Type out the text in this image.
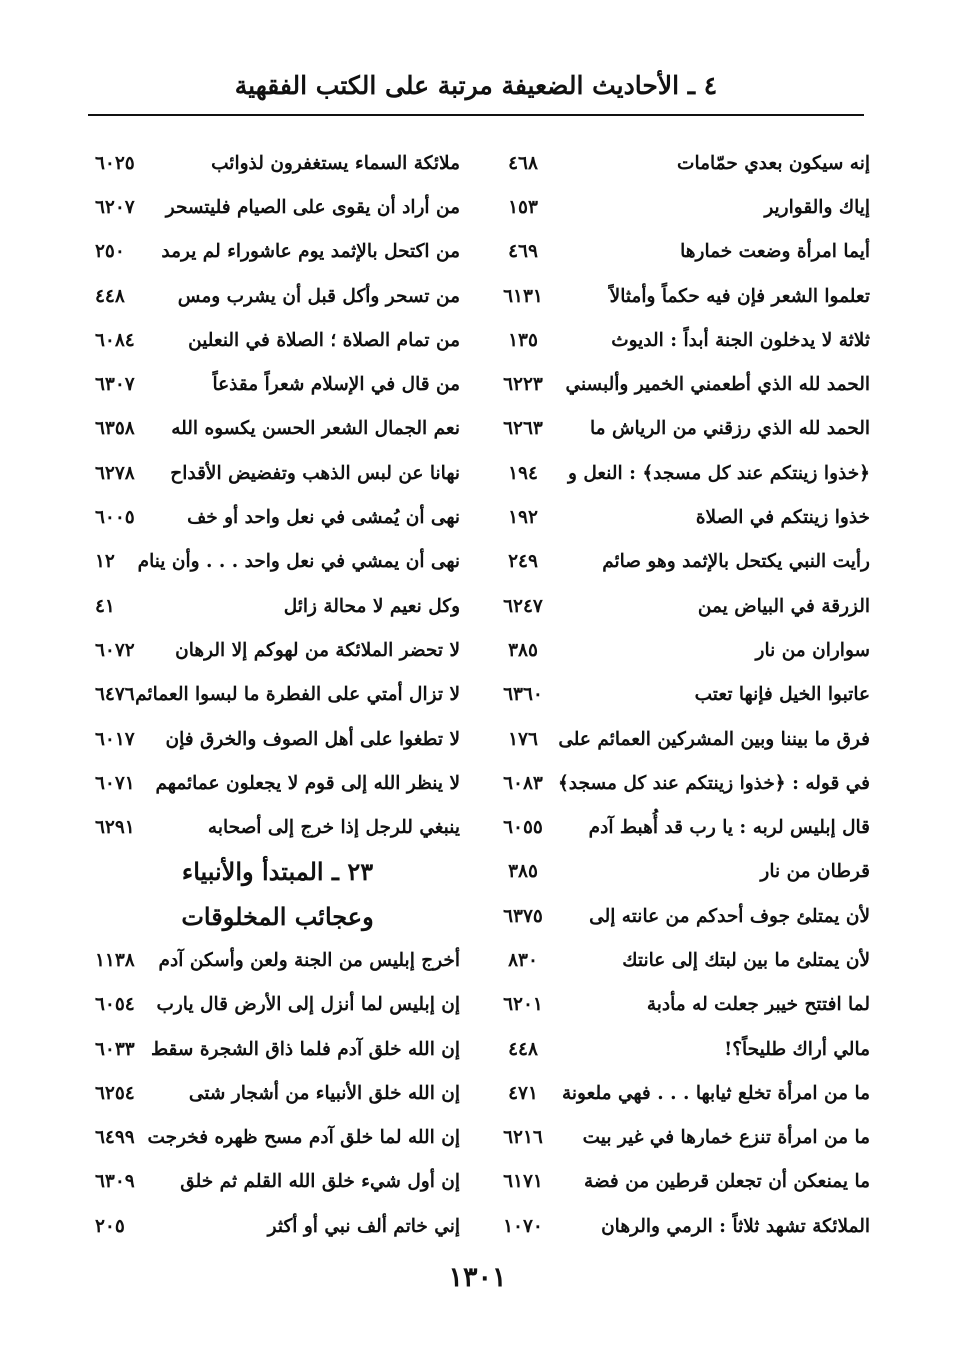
٤ ـ الأحاديث الضعيفة مرتبة على الكتب الفقهية
إنه سيكون بعدي حمّامات
٤٦٨
إياك والقوارير
١٥٣
أيما امرأة وضعت خمارها
٤٦٩
تعلموا الشعر فإن فيه حكماً وأمثالاً
٦١٣١
ثلاثة لا يدخلون الجنة أبداً : الديوث
١٣٥
الحمد لله الذي أطعمني الخمير وألبسني
٦٢٢٣
الحمد لله الذي رزقني من الرياش ما
٦٢٦٣
﴿خذوا زينتكم عند كل مسجد﴾ : النعل و
١٩٤
خذوا زينتكم في الصلاة
١٩٢
رأيت النبي يكتحل بالإثمد وهو صائم
٢٤٩
الزرقة في البياض يمن
٦٢٤٧
سواران من نار
٣٨٥
عاتبوا الخيل فإنها تعتب
٦٣٦٠
فرق ما بيننا وبين المشركين العمائم على
١٧٦
في قوله : ﴿خذوا زينتكم عند كل مسجد﴾
٦٠٨٣
قال إبليس لربه : يا رب قد أُهبط آدم
٦٠٥٥
قرطان من نار
٣٨٥
لأن يمتلئ جوف أحدكم من عانته إلى
٦٣٧٥
لأن يمتلئ ما بين لبتك إلى عانتك
٨٣٠
لما افتتح خيبر جعلت له مأدبة
٦٢٠١
مالي أراك طليحاً؟!
٤٤٨
ما من امرأة تخلع ثيابها . . . فهي ملعونة
٤٧١
ما من امرأة تنزع خمارها في غير بيت
٦٢١٦
ما يمنعكن أن تجعلن قرطين من فضة
٦١٧١
الملائكة تشهد ثلاثاً : الرمي والرهان
١٠٧٠
ملائكة السماء يستغفرون لذوائب
٦٠٢٥
من أراد أن يقوى على الصيام فليتسحر
٦٢٠٧
من اكتحل بالإثمد يوم عاشوراء لم يرمد
٢٥٠
من تسحر وأكل قبل أن يشرب ومس
٤٤٨
من تمام الصلاة ؛ الصلاة في النعلين
٦٠٨٤
من قال في الإسلام شعراً مقذعاً
٦٣٠٧
نعم الجمال الشعر الحسن يكسوه الله
٦٣٥٨
نهانا عن لبس الذهب وتفضيض الأقداح
٦٢٧٨
نهى أن يُمشى في نعل واحد أو خف
٦٠٠٥
نهى أن يمشي في نعل واحد . . . وأن ينام
١٢
وكل نعيم لا محالة زائل
٤١
لا تحضر الملائكة من لهوكم إلا الرهان
٦٠٧٢
لا تزال أمتي على الفطرة ما لبسوا العمائم
٦٤٧٦
لا تطغوا على أهل الصوف والخرق فإن
٦٠١٧
لا ينظر الله إلى قوم لا يجعلون عمائمهم
٦٠٧١
ينبغي للرجل إذا خرج إلى أصحابه
٦٢٩١
٢٣ ـ المبتدأ والأنبياء
وعجائب المخلوقات
أخرج إبليس من الجنة ولعن وأسكن آدم
١١٣٨
إن إبليس لما أنزل إلى الأرض قال يارب
٦٠٥٤
إن الله خلق آدم فلما ذاق الشجرة سقط
٦٠٣٣
إن الله خلق الأنبياء من أشجار شتى
٦٢٥٤
إن الله لما خلق آدم مسح ظهره فخرجت
٦٤٩٩
إن أول شيء خلق الله القلم ثم خلق
٦٣٠٩
إني خاتم ألف نبي أو أكثر
٢٠٥
١٣٠١
